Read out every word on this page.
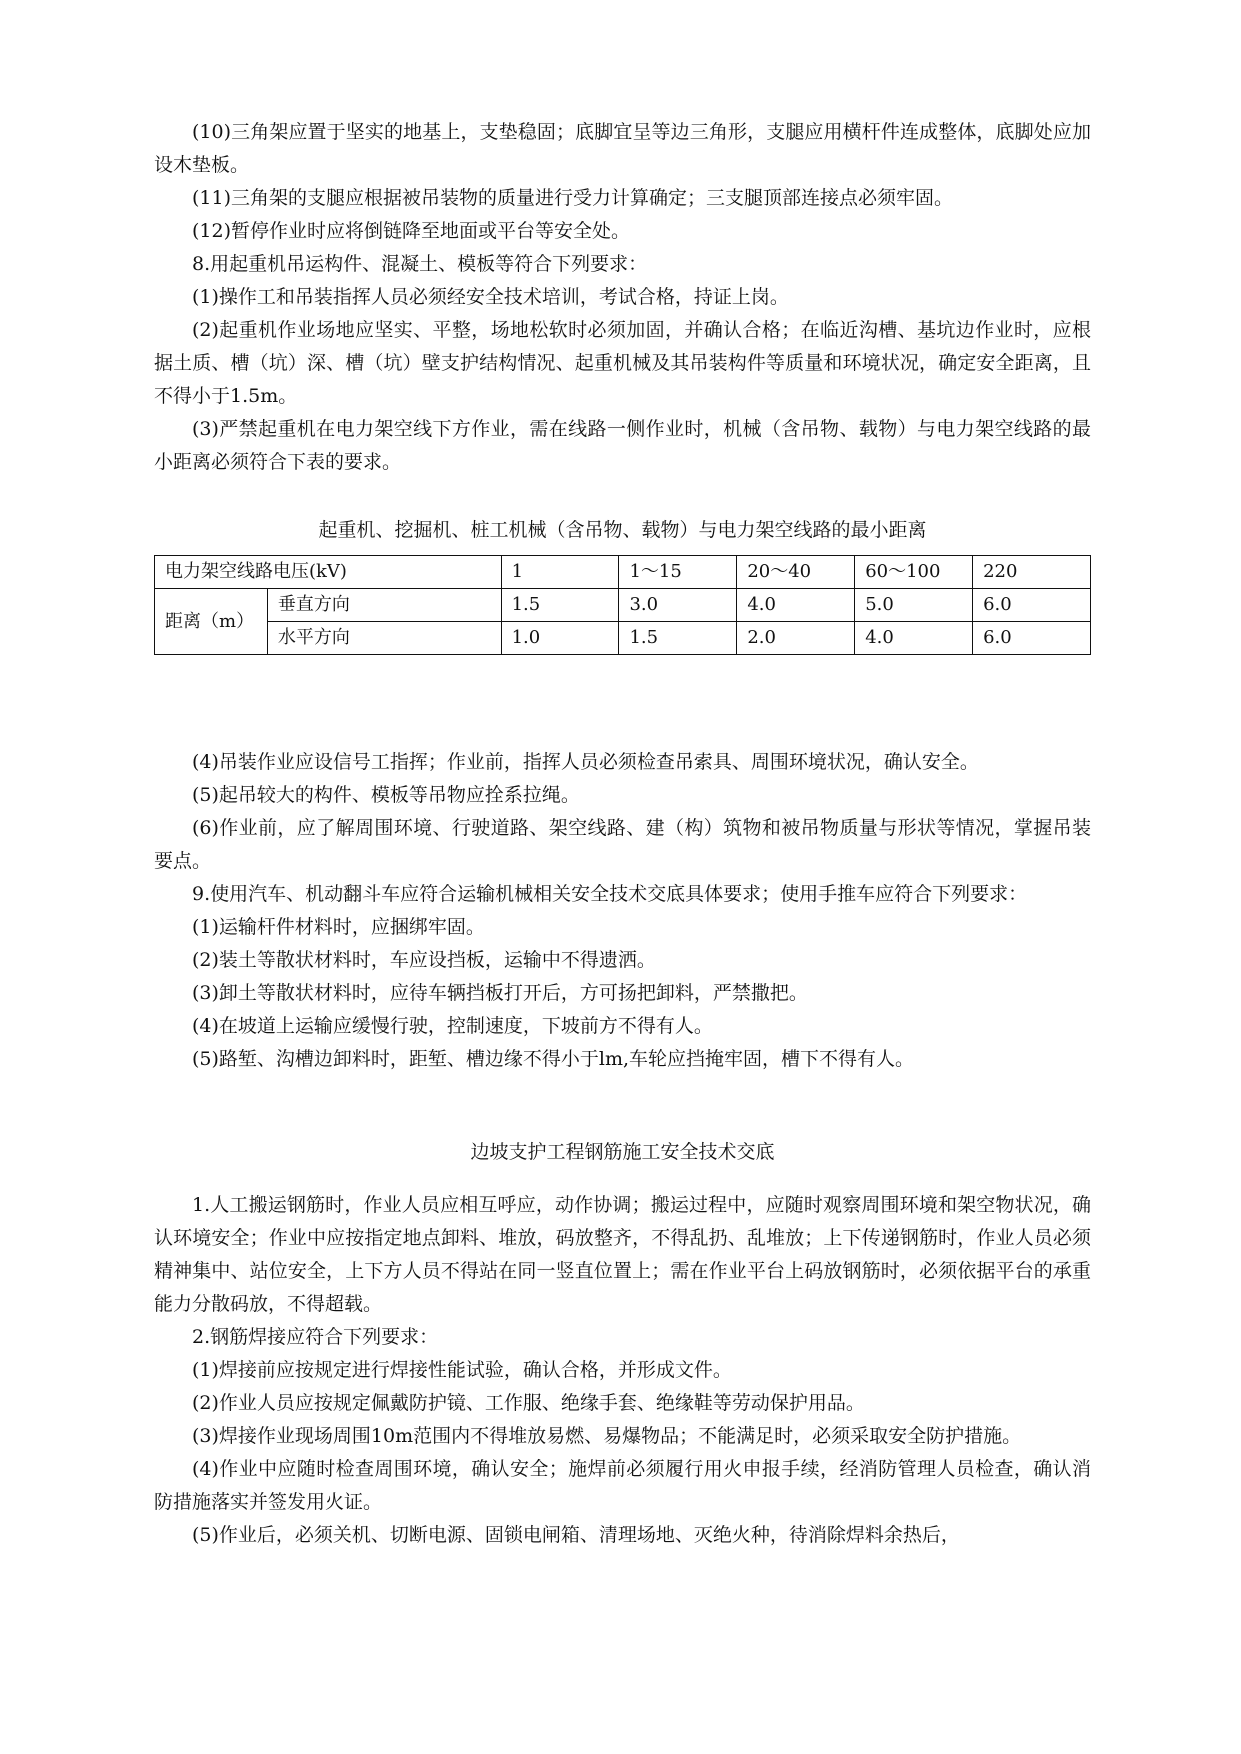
(10)三角架应置于坚实的地基上，支垫稳固；底脚宜呈等边三角形，支腿应用横杆件连成整体，底脚处应加设木垫板。

(11)三角架的支腿应根据被吊装物的质量进行受力计算确定；三支腿顶部连接点必须牢固。

(12)暂停作业时应将倒链降至地面或平台等安全处。

8.用起重机吊运构件、混凝土、模板等符合下列要求：

(1)操作工和吊装指挥人员必须经安全技术培训，考试合格，持证上岗。

(2)起重机作业场地应坚实、平整，场地松软时必须加固，并确认合格；在临近沟槽、基坑边作业时，应根据土质、槽（坑）深、槽（坑）壁支护结构情况、起重机械及其吊装构件等质量和环境状况，确定安全距离，且不得小于1.5m。

(3)严禁起重机在电力架空线下方作业，需在线路一侧作业时，机械（含吊物、载物）与电力架空线路的最小距离必须符合下表的要求。

起重机、挖掘机、桩工机械（含吊物、载物）与电力架空线路的最小距离

电力架空线路电压(kV)		1	1～15	20～40	60～100	220
距离（m）	垂直方向	1.5	3.0	4.0	5.0	6.0
	水平方向	1.0	1.5	2.0	4.0	6.0

(4)吊装作业应设信号工指挥；作业前，指挥人员必须检查吊索具、周围环境状况，确认安全。

(5)起吊较大的构件、模板等吊物应拴系拉绳。

(6)作业前，应了解周围环境、行驶道路、架空线路、建（构）筑物和被吊物质量与形状等情况，掌握吊装要点。

9.使用汽车、机动翻斗车应符合运输机械相关安全技术交底具体要求；使用手推车应符合下列要求：

(1)运输杆件材料时，应捆绑牢固。

(2)装土等散状材料时，车应设挡板，运输中不得遗洒。

(3)卸土等散状材料时，应待车辆挡板打开后，方可扬把卸料，严禁撒把。

(4)在坡道上运输应缓慢行驶，控制速度，下坡前方不得有人。

(5)路堑、沟槽边卸料时，距堑、槽边缘不得小于lm,车轮应挡掩牢固，槽下不得有人。

边坡支护工程钢筋施工安全技术交底

1.人工搬运钢筋时，作业人员应相互呼应，动作协调；搬运过程中，应随时观察周围环境和架空物状况，确认环境安全；作业中应按指定地点卸料、堆放，码放整齐，不得乱扔、乱堆放；上下传递钢筋时，作业人员必须精神集中、站位安全，上下方人员不得站在同一竖直位置上；需在作业平台上码放钢筋时，必须依据平台的承重能力分散码放，不得超载。

2.钢筋焊接应符合下列要求：

(1)焊接前应按规定进行焊接性能试验，确认合格，并形成文件。

(2)作业人员应按规定佩戴防护镜、工作服、绝缘手套、绝缘鞋等劳动保护用品。

(3)焊接作业现场周围10m范围内不得堆放易燃、易爆物品；不能满足时，必须采取安全防护措施。

(4)作业中应随时检查周围环境，确认安全；施焊前必须履行用火申报手续，经消防管理人员检查，确认消防措施落实并签发用火证。

(5)作业后，必须关机、切断电源、固锁电闸箱、清理场地、灭绝火种，待消除焊料余热后，
